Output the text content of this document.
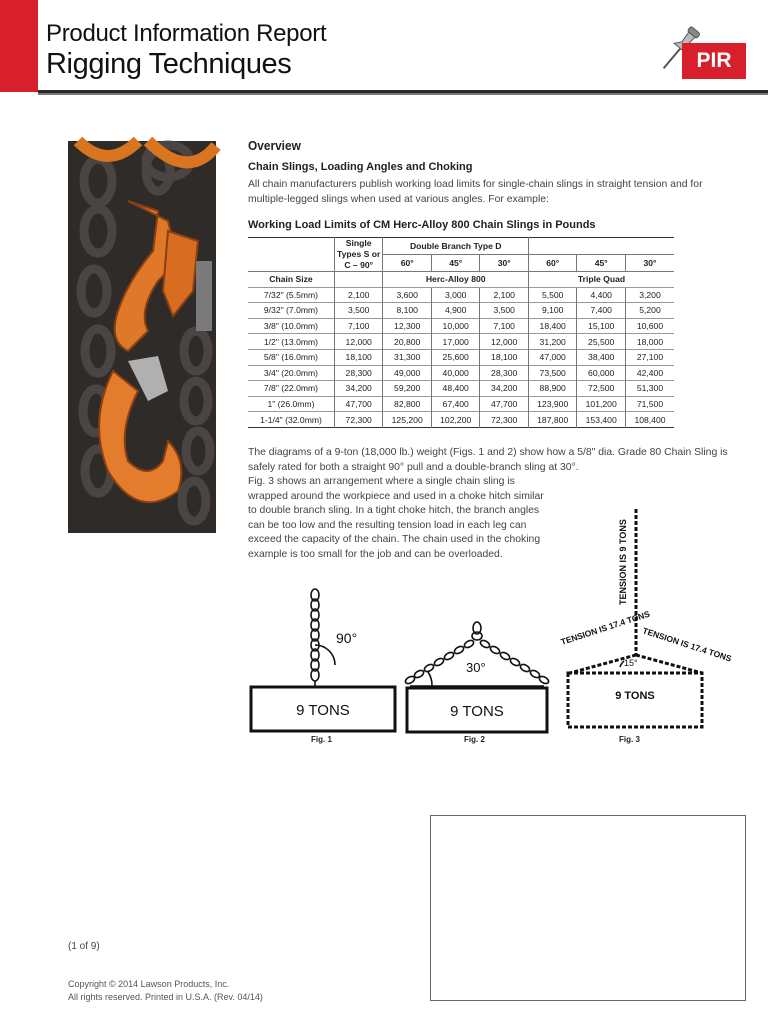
Product Information Report
Rigging Techniques	PIR
Overview
Chain Slings, Loading Angles and Choking
All chain manufacturers publish working load limits for single-chain slings in straight tension and for multiple-legged slings when used at various angles. For example:
Working Load Limits of CM Herc-Alloy 800 Chain Slings in Pounds
	Single Types S or C – 90°	Double Branch Type D					
		60°	45°	30°	60°	45°	30°
Chain Size		Herc-Alloy 800			Triple Quad		
7/32" (5.5mm)	2,100	3,600	3,000	2,100	5,500	4,400	3,200
9/32" (7.0mm)	3,500	8,100	4,900	3,500	9,100	7,400	5,200
3/8" (10.0mm)	7,100	12,300	10,000	7,100	18,400	15,100	10,600
1/2" (13.0mm)	12,000	20,800	17,000	12,000	31,200	25,500	18,000
5/8" (16.0mm)	18,100	31,300	25,600	18,100	47,000	38,400	27,100
3/4" (20.0mm)	28,300	49,000	40,000	28,300	73,500	60,000	42,400
7/8" (22.0mm)	34,200	59,200	48,400	34,200	88,900	72,500	51,300
1" (26.0mm)	47,700	82,800	67,400	47,700	123,900	101,200	71,500
1-1/4" (32.0mm)	72,300	125,200	102,200	72,300	187,800	153,400	108,400
The diagrams of a 9-ton (18,000 lb.) weight (Figs. 1 and 2) show how a 5/8" dia. Grade 80 Chain Sling is safely rated for both a straight 90° pull and a double-branch sling at 30°.
Fig. 3 shows an arrangement where a single chain sling is wrapped around the workpiece and used in a choke hitch similar to double branch sling. In a tight choke hitch, the branch angles can be too low and the resulting tension load in each leg can exceed the capacity of the chain. The chain used in the choking example is too small for the job and can be overloaded.
90°
9 TONS
Fig. 1
30°
9 TONS
Fig. 2
TENSION IS 9 TONS
TENSION IS 17.4 TONS
TENSION IS 17.4 TONS
15°
9 TONS
Fig. 3
(1 of 9)
Copyright © 2014 Lawson Products, Inc.
All rights reserved. Printed in U.S.A. (Rev. 04/14)
